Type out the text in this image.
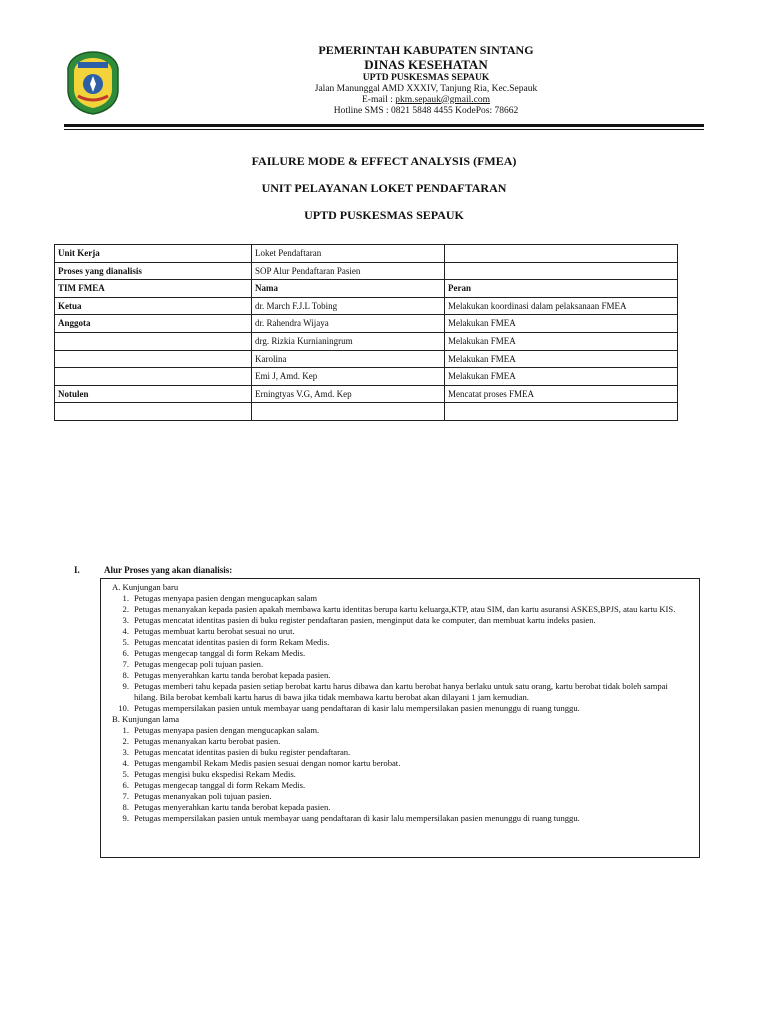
PEMERINTAH KABUPATEN SINTANG
DINAS KESEHATAN
UPTD PUSKESMAS SEPAUK
Jalan Manunggal AMD XXXIV, Tanjung Ria, Kec.Sepauk
E-mail : pkm.sepauk@gmail.com
Hotline SMS : 0821 5848 4455 KodePos: 78662
FAILURE MODE & EFFECT ANALYSIS (FMEA)
UNIT PELAYANAN LOKET PENDAFTARAN
UPTD PUSKESMAS SEPAUK
Unit Kerja	Loket Pendaftaran	
Proses yang dianalisis	SOP Alur Pendaftaran Pasien	
TIM FMEA	Nama	Peran
Ketua	dr. March F.J.L Tobing	Melakukan koordinasi dalam pelaksanaan FMEA
Anggota	dr. Rahendra Wijaya	Melakukan FMEA
	drg. Rizkia Kurnianingrum	Melakukan FMEA
	Karolina	Melakukan FMEA
	Emi J, Amd. Kep	Melakukan FMEA
Notulen	Erningtyas V.G, Amd. Kep	Mencatat proses FMEA

I.	Alur Proses yang akan dianalisis:
A. Kunjungan baru
1. Petugas menyapa pasien dengan mengucapkan salam
2. Petugas menanyakan kepada pasien apakah membawa kartu identitas berupa kartu keluarga,KTP, atau SIM, dan kartu asuransi ASKES,BPJS, atau kartu KIS.
3. Petugas mencatat identitas pasien di buku register pendaftaran pasien, menginput data ke computer, dan membuat kartu indeks pasien.
4. Petugas membuat kartu berobat sesuai no urut.
5. Petugas mencatat identitas pasien di form Rekam Medis.
6. Petugas mengecap tanggal di form Rekam Medis.
7. Petugas mengecap poli tujuan pasien.
8. Petugas menyerahkan kartu tanda berobat kepada pasien.
9. Petugas memberi tahu kepada pasien setiap berobat kartu harus dibawa dan kartu berobat hanya berlaku untuk satu orang, kartu berobat tidak boleh sampai hilang. Bila berobat kembali kartu harus di bawa jika tidak membawa kartu berobat akan dilayani 1 jam kemudian.
10. Petugas mempersilakan pasien untuk membayar uang pendaftaran di kasir lalu mempersilakan pasien menunggu di ruang tunggu.
B. Kunjungan lama
1. Petugas menyapa pasien dengan mengucapkan salam.
2. Petugas menanyakan kartu berobat pasien.
3. Petugas mencatat identitas pasien di buku register pendaftaran.
4. Petugas mengambil Rekam Medis pasien sesuai dengan nomor kartu berobat.
5. Petugas mengisi buku ekspedisi Rekam Medis.
6. Petugas mengecap tanggal di form Rekam Medis.
7. Petugas menanyakan poli tujuan pasien.
8. Petugas menyerahkan kartu tanda berobat kepada pasien.
9. Petugas mempersilakan pasien untuk membayar uang pendaftaran di kasir lalu mempersilakan pasien menunggu di ruang tunggu.
